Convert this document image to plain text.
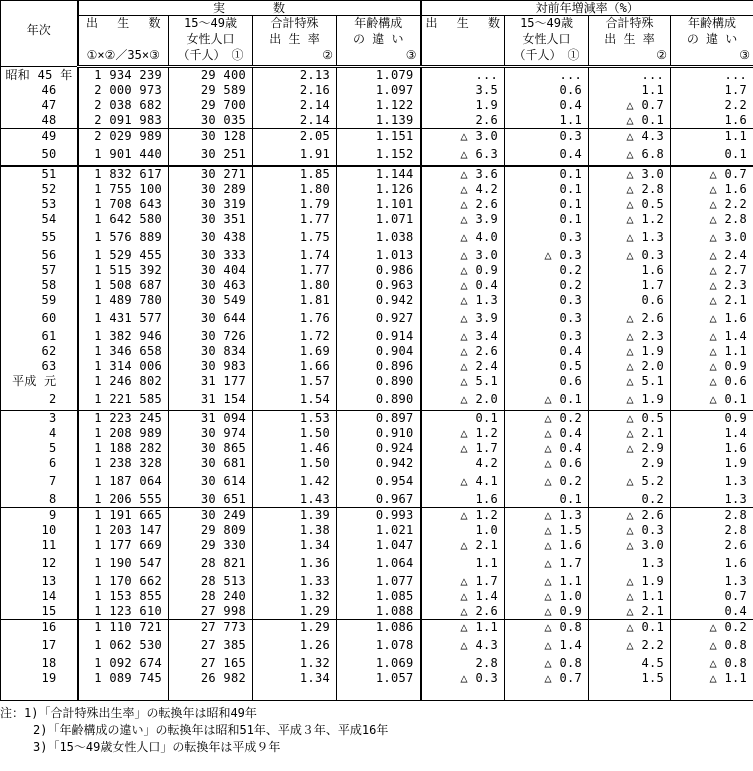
年次	実　　　　数				対前年増減率（%）			

	出　 生 　数
①×②／35×③	15～49歳
女性人口
（千人）　①	合計特殊
出 生 率
②	年齢構成
の 違 い
③	出　 生 　数	15～49歳
女性人口
（千人）　①	合計特殊
出 生 率
②	年齢構成
の 違 い
③

昭和 45 年	1 934 239	29 400	2.13	1.079	...	...	...	...
46	2 000 973	29 589	2.16	1.097	3.5	0.6	1.1	1.7
47	2 038 682	29 700	2.14	1.122	1.9	0.4	△ 0.7	2.2
48	2 091 983	30 035	2.14	1.139	2.6	1.1	△ 0.1	1.6
49	2 029 989	30 128	2.05	1.151	△ 3.0	0.3	△ 4.3	1.1
50	1 901 440	30 251	1.91	1.152	△ 6.3	0.4	△ 6.8	0.1
51	1 832 617	30 271	1.85	1.144	△ 3.6	0.1	△ 3.0	△ 0.7
52	1 755 100	30 289	1.80	1.126	△ 4.2	0.1	△ 2.8	△ 1.6
53	1 708 643	30 319	1.79	1.101	△ 2.6	0.1	△ 0.5	△ 2.2
54	1 642 580	30 351	1.77	1.071	△ 3.9	0.1	△ 1.2	△ 2.8
55	1 576 889	30 438	1.75	1.038	△ 4.0	0.3	△ 1.3	△ 3.0
56	1 529 455	30 333	1.74	1.013	△ 3.0	△ 0.3	△ 0.3	△ 2.4
57	1 515 392	30 404	1.77	0.986	△ 0.9	0.2	1.6	△ 2.7
58	1 508 687	30 463	1.80	0.963	△ 0.4	0.2	1.7	△ 2.3
59	1 489 780	30 549	1.81	0.942	△ 1.3	0.3	0.6	△ 2.1
60	1 431 577	30 644	1.76	0.927	△ 3.9	0.3	△ 2.6	△ 1.6
61	1 382 946	30 726	1.72	0.914	△ 3.4	0.3	△ 2.3	△ 1.4
62	1 346 658	30 834	1.69	0.904	△ 2.6	0.4	△ 1.9	△ 1.1
63	1 314 006	30 983	1.66	0.896	△ 2.4	0.5	△ 2.0	△ 0.9
平成 元	1 246 802	31 177	1.57	0.890	△ 5.1	0.6	△ 5.1	△ 0.6
2	1 221 585	31 154	1.54	0.890	△ 2.0	△ 0.1	△ 1.9	△ 0.1
3	1 223 245	31 094	1.53	0.897	0.1	△ 0.2	△ 0.5	0.9
4	1 208 989	30 974	1.50	0.910	△ 1.2	△ 0.4	△ 2.1	1.4
5	1 188 282	30 865	1.46	0.924	△ 1.7	△ 0.4	△ 2.9	1.6
6	1 238 328	30 681	1.50	0.942	4.2	△ 0.6	2.9	1.9
7	1 187 064	30 614	1.42	0.954	△ 4.1	△ 0.2	△ 5.2	1.3
8	1 206 555	30 651	1.43	0.967	1.6	0.1	0.2	1.3
9	1 191 665	30 249	1.39	0.993	△ 1.2	△ 1.3	△ 2.6	2.8
10	1 203 147	29 809	1.38	1.021	1.0	△ 1.5	△ 0.3	2.8
11	1 177 669	29 330	1.34	1.047	△ 2.1	△ 1.6	△ 3.0	2.6
12	1 190 547	28 821	1.36	1.064	1.1	△ 1.7	1.3	1.6
13	1 170 662	28 513	1.33	1.077	△ 1.7	△ 1.1	△ 1.9	1.3
14	1 153 855	28 240	1.32	1.085	△ 1.4	△ 1.0	△ 1.1	0.7
15	1 123 610	27 998	1.29	1.088	△ 2.6	△ 0.9	△ 2.1	0.4
16	1 110 721	27 773	1.29	1.086	△ 1.1	△ 0.8	△ 0.1	△ 0.2
17	1 062 530	27 385	1.26	1.078	△ 4.3	△ 1.4	△ 2.2	△ 0.8
18	1 092 674	27 165	1.32	1.069	2.8	△ 0.8	4.5	△ 0.8
19	1 089 745	26 982	1.34	1.057	△ 0.3	△ 0.7	1.5	△ 1.1
注：1)「合計特殊出生率」の転換年は昭和49年
2)「年齢構成の違い」の転換年は昭和51年、平成３年、平成16年
3)「15～49歳女性人口」の転換年は平成９年
